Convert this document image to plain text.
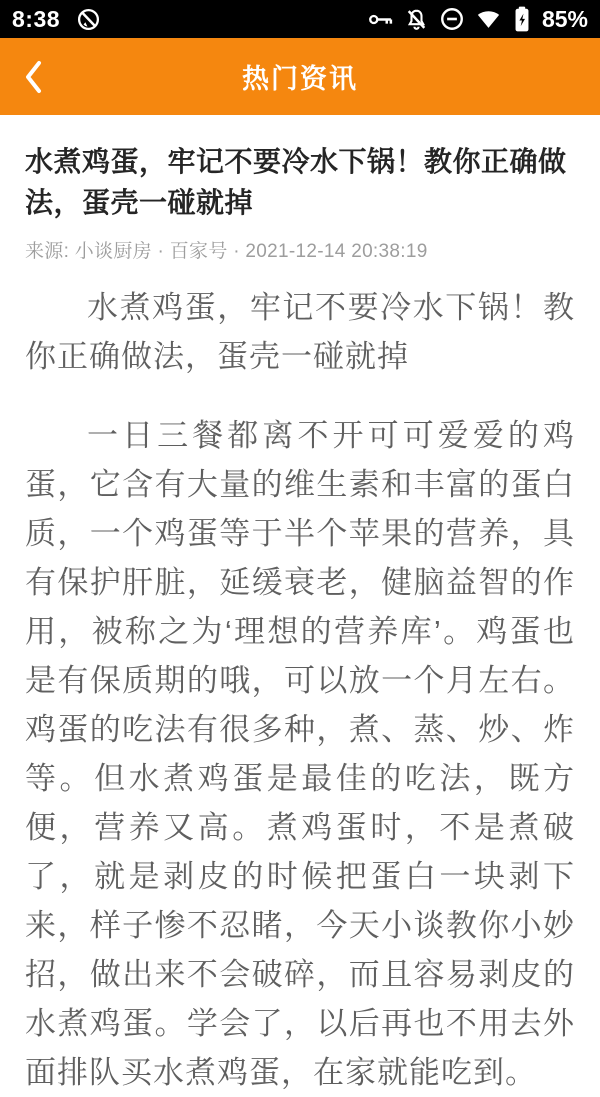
8:38	85%
热门资讯
水煮鸡蛋，牢记不要冷水下锅！教你正确做法，蛋壳一碰就掉
来源: 小谈厨房 · 百家号 · 2021-12-14 20:38:19

水煮鸡蛋，牢记不要冷水下锅！教你正确做法，蛋壳一碰就掉

一日三餐都离不开可可爱爱的鸡蛋，它含有大量的维生素和丰富的蛋白质，一个鸡蛋等于半个苹果的营养，具有保护肝脏，延缓衰老，健脑益智的作用，被称之为‘理想的营养库’。鸡蛋也是有保质期的哦，可以放一个月左右。鸡蛋的吃法有很多种，煮、蒸、炒、炸等。但水煮鸡蛋是最佳的吃法，既方便，营养又高。煮鸡蛋时，不是煮破了，就是剥皮的时候把蛋白一块剥下来，样子惨不忍睹，今天小谈教你小妙招，做出来不会破碎，而且容易剥皮的水煮鸡蛋。学会了，以后再也不用去外面排队买水煮鸡蛋，在家就能吃到。
